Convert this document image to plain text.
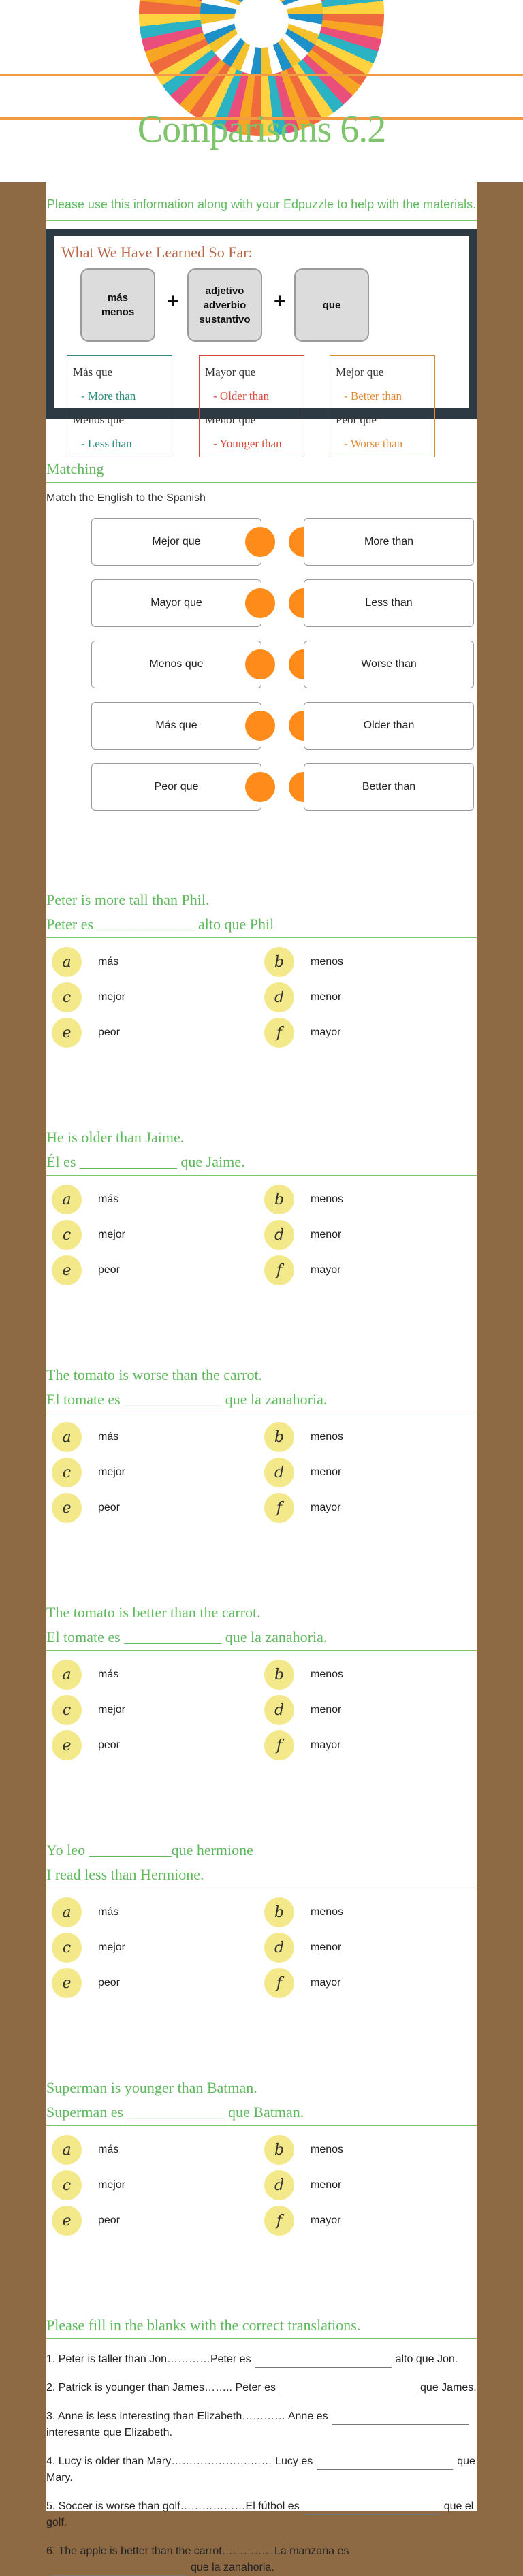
Comparisons 6.2
Please use this information along with your Edpuzzle to help with the materials.
What We Have Learned So Far:
más
menos	+	adjetivo
adverbio
sustantivo
+	que
Más que
- More than
Menos que
- Less than
Mayor que
- Older than
Menor que
- Younger than
Mejor que
- Better than
Peor que
- Worse than
Matching
Match the English to the Spanish
Mejor que	More than
Mayor que	Less than
Menos que	Worse than
Más que	Older than
Peor que	Better than
Peter is more tall than Phil.
Peter es _____________ alto que Phil
a	más	b	menos
c	mejor	d	menor
e	peor	f	mayor
He is older than Jaime.
Él es _____________ que Jaime.
a	más	b	menos
c	mejor	d	menor
e	peor	f	mayor
The tomato is worse than the carrot.
El tomate es _____________ que la zanahoria.
a	más	b	menos
c	mejor	d	menor
e	peor	f	mayor
The tomato is better than the carrot.
El tomate es _____________ que la zanahoria.
a	más	b	menos
c	mejor	d	menor
e	peor	f	mayor
Yo leo ___________que hermione
I read less than Hermione.
a	más	b	menos
c	mejor	d	menor
e	peor	f	mayor
Superman is younger than Batman.
Superman es _____________ que Batman.
a	más	b	menos
c	mejor	d	menor
e	peor	f	mayor
Please fill in the blanks with the correct translations.
1. Peter is taller than Jon…………Peter es	alto que Jon.
2. Patrick is younger than James…….. Peter es	que James.
3. Anne is less interesting than Elizabeth………… Anne esinteresante que Elizabeth.
4. Lucy is older than Mary………………….…… Lucy es	que Mary.
5. Soccer is worse than golf………………El fútbol es	que el golf.
6. The apple is better than the carrot………….. La manzana esque la zanahoria.
